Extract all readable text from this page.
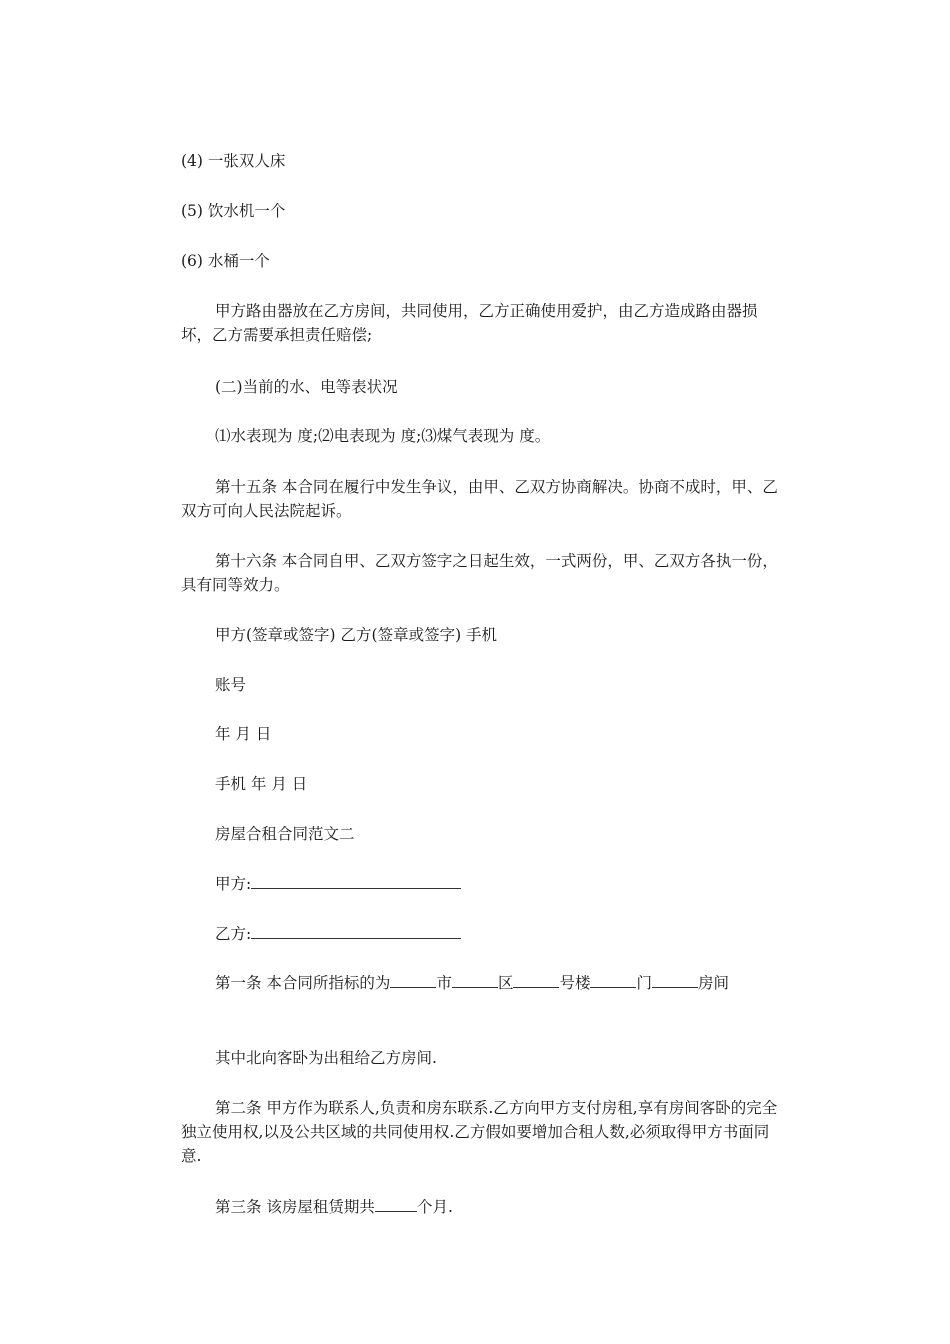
(4) 一张双人床
(5) 饮水机一个
(6) 水桶一个
甲方路由器放在乙方房间，共同使用，乙方正确使用爱护，由乙方造成路由器损坏，乙方需要承担责任赔偿;
(二)当前的水、电等表状况
⑴水表现为 度;⑵电表现为 度;⑶煤气表现为 度。
第十五条 本合同在履行中发生争议，由甲、乙双方协商解决。协商不成时，甲、乙双方可向人民法院起诉。
第十六条 本合同自甲、乙双方签字之日起生效，一式两份，甲、乙双方各执一份，具有同等效力。
甲方(签章或签字) 乙方(签章或签字) 手机
账号
年 月 日
手机 年 月 日
房屋合租合同范文二
甲方:
乙方:
第一条 本合同所指标的为	市	区	号楼	门	房间
其中北向客卧为出租给乙方房间.
第二条 甲方作为联系人,负责和房东联系.乙方向甲方支付房租,享有房间客卧的完全独立使用权,以及公共区域的共同使用权.乙方假如要增加合租人数,必须取得甲方书面同意.
第三条 该房屋租赁期共	个月.
